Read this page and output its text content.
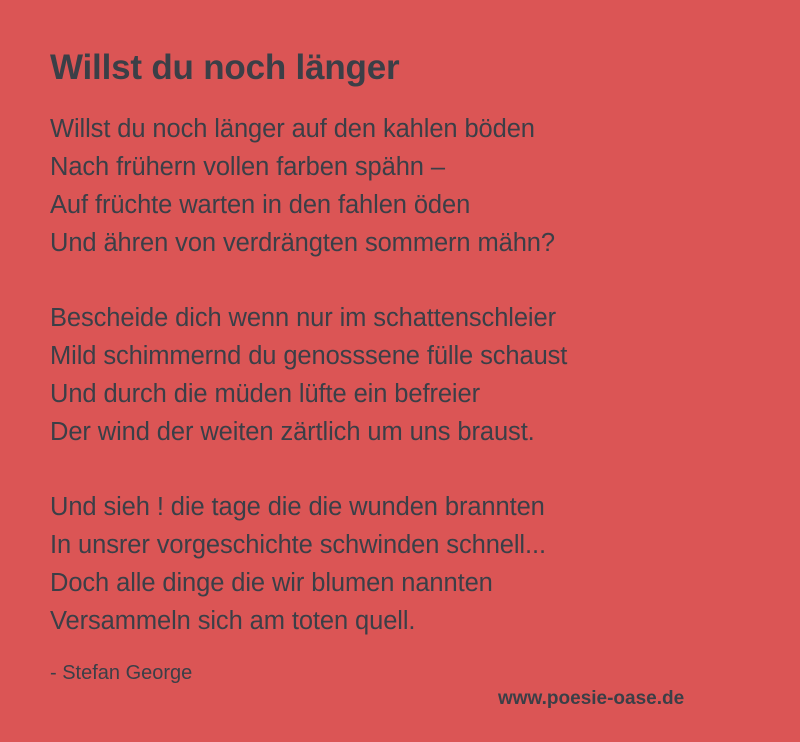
Willst du noch länger
Willst du noch länger auf den kahlen böden
Nach frühern vollen farben spähn –
Auf früchte warten in den fahlen öden
Und ähren von verdrängten sommern mähn?
Bescheide dich wenn nur im schattenschleier
Mild schimmernd du genosssene fülle schaust
Und durch die müden lüfte ein befreier
Der wind der weiten zärtlich um uns braust.
Und sieh ! die tage die die wunden brannten
In unsrer vorgeschichte schwinden schnell...
Doch alle dinge die wir blumen nannten
Versammeln sich am toten quell.
- Stefan George
www.poesie-oase.de
